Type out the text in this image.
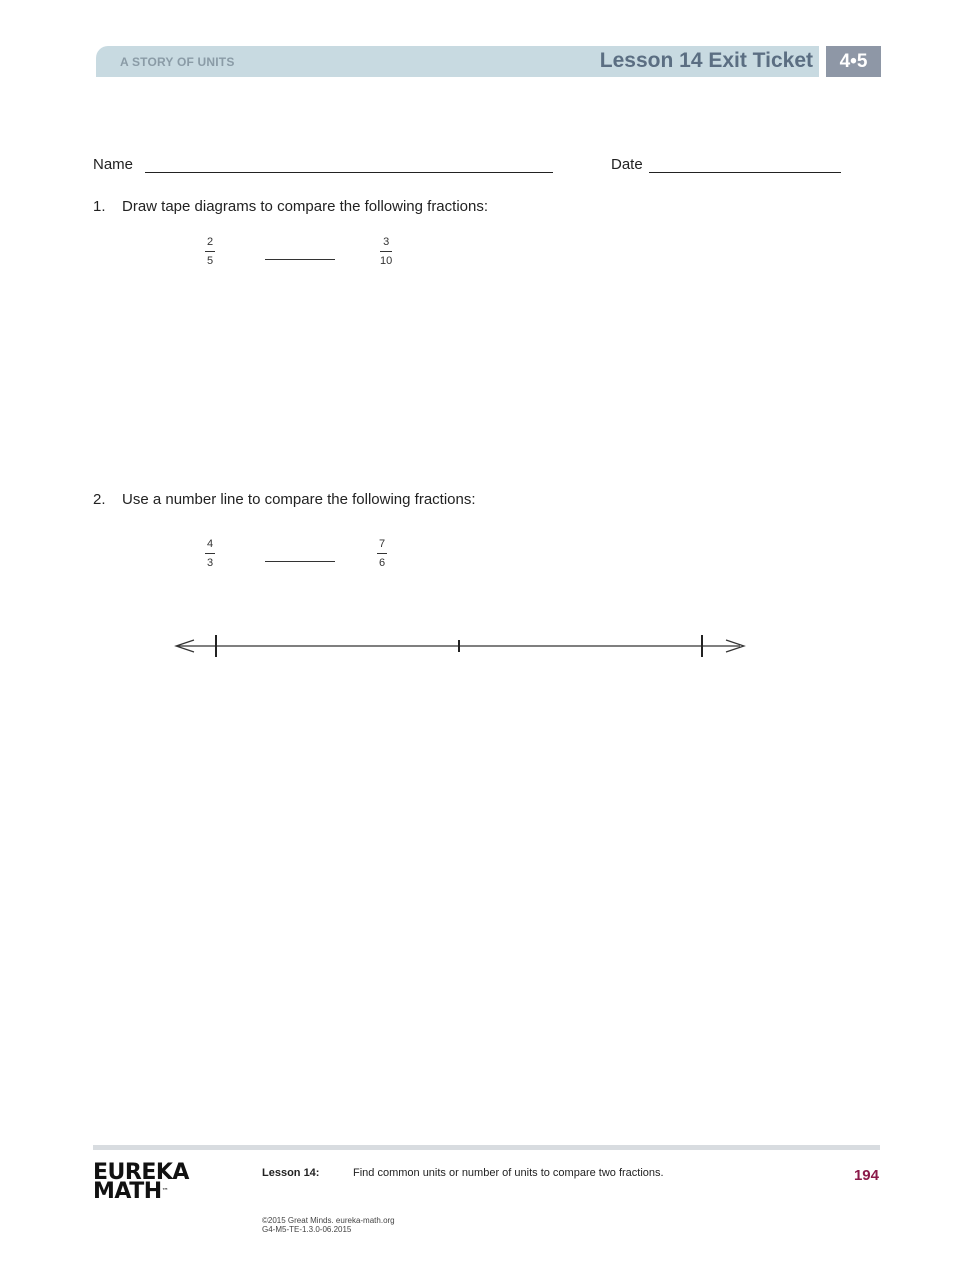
A STORY OF UNITS	Lesson 14 Exit Ticket	4•5
Name	Date
1. Draw tape diagrams to compare the following fractions:
2
5
3
10
2. Use a number line to compare the following fractions:
4
3
7
6
EUREKA
MATH™
Lesson 14:	Find common units or number of units to compare two fractions.	194
©2015 Great Minds. eureka-math.org
G4-M5-TE-1.3.0-06.2015
